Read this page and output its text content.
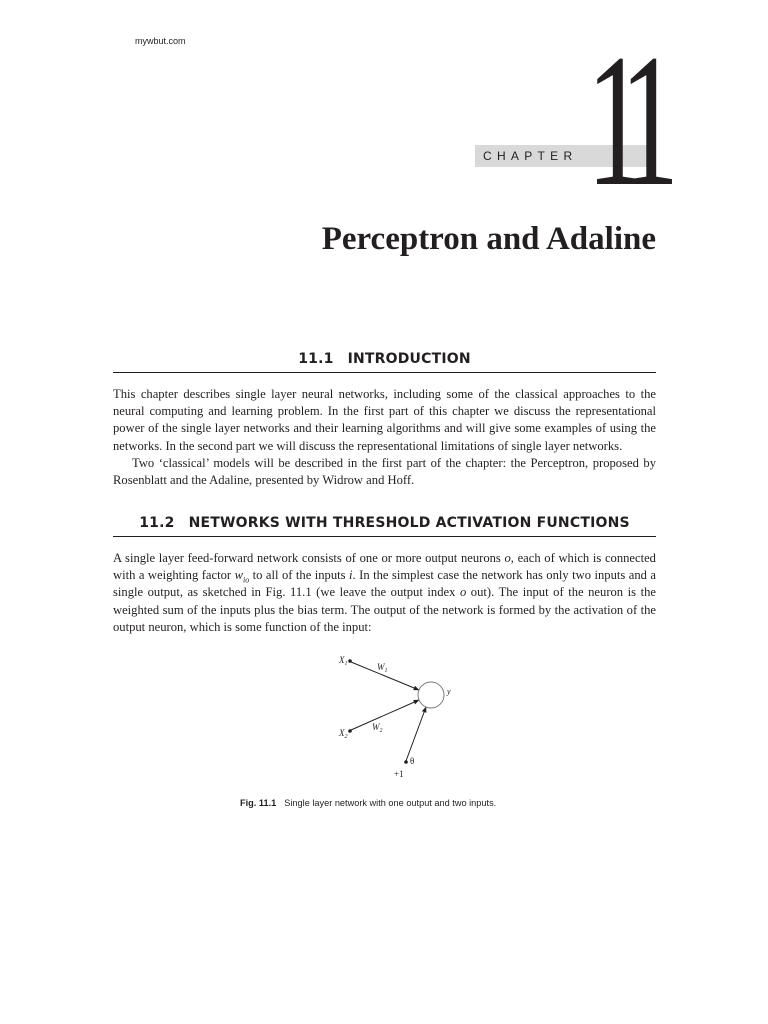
mywbut.com
CHAPTER 11
Perceptron and Adaline
11.1 INTRODUCTION

This chapter describes single layer neural networks, including some of the classical approaches to the neural computing and learning problem. In the first part of this chapter we discuss the representational power of the single layer networks and their learning algorithms and will give some examples of using the networks. In the second part we will discuss the representational limitations of single layer networks.

Two ‘classical’ models will be described in the first part of the chapter: the Perceptron, proposed by Rosenblatt and the Adaline, presented by Widrow and Hoff.

11.2 NETWORKS WITH THRESHOLD ACTIVATION FUNCTIONS

A single layer feed-forward network consists of one or more output neurons o, each of which is connected with a weighting factor $w_{io}$ to all of the inputs i. In the simplest case the network has only two inputs and a single output, as sketched in Fig. 11.1 (we leave the output index o out). The input of the neuron is the weighted sum of the inputs plus the bias term. The output of the network is formed by the activation of the output neuron, which is some function of the input:

$X_1$	$W_1$
$X_2$
$W_2$
θ
+1
y
Fig. 11.1 Single layer network with one output and two inputs.
